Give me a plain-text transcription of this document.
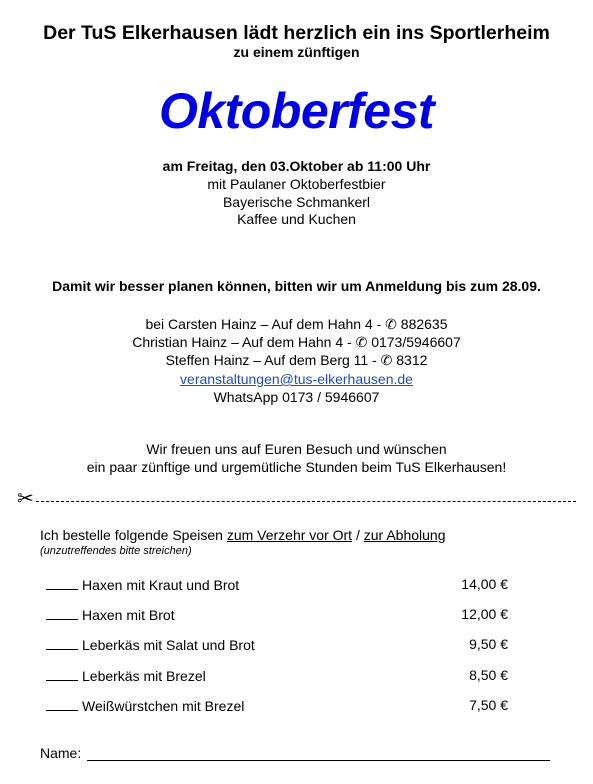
Der TuS Elkerhausen lädt herzlich ein ins Sportlerheim
zu einem zünftigen
Oktoberfest
am Freitag, den 03.Oktober ab 11:00 Uhr
mit Paulaner Oktoberfestbier
Bayerische Schmankerl
Kaffee und Kuchen
Damit wir besser planen können, bitten wir um Anmeldung bis zum 28.09.
bei Carsten Hainz – Auf dem Hahn 4 - ✆ 882635
Christian Hainz – Auf dem Hahn 4 - ✆ 0173/5946607
Steffen Hainz – Auf dem Berg 11 - ✆ 8312
veranstaltungen@tus-elkerhausen.de
WhatsApp 0173 / 5946607
Wir freuen uns auf Euren Besuch und wünschen
ein paar zünftige und urgemütliche Stunden beim TuS Elkerhausen!
✂
Ich bestelle folgende Speisen zum Verzehr vor Ort / zur Abholung
(unzutreffendes bitte streichen)
Haxen mit Kraut und Brot	14,00 €
Haxen mit Brot	12,00 €
Leberkäs mit Salat und Brot	9,50 €
Leberkäs mit Brezel	8,50 €
Weißwürstchen mit Brezel	7,50 €
Name:
